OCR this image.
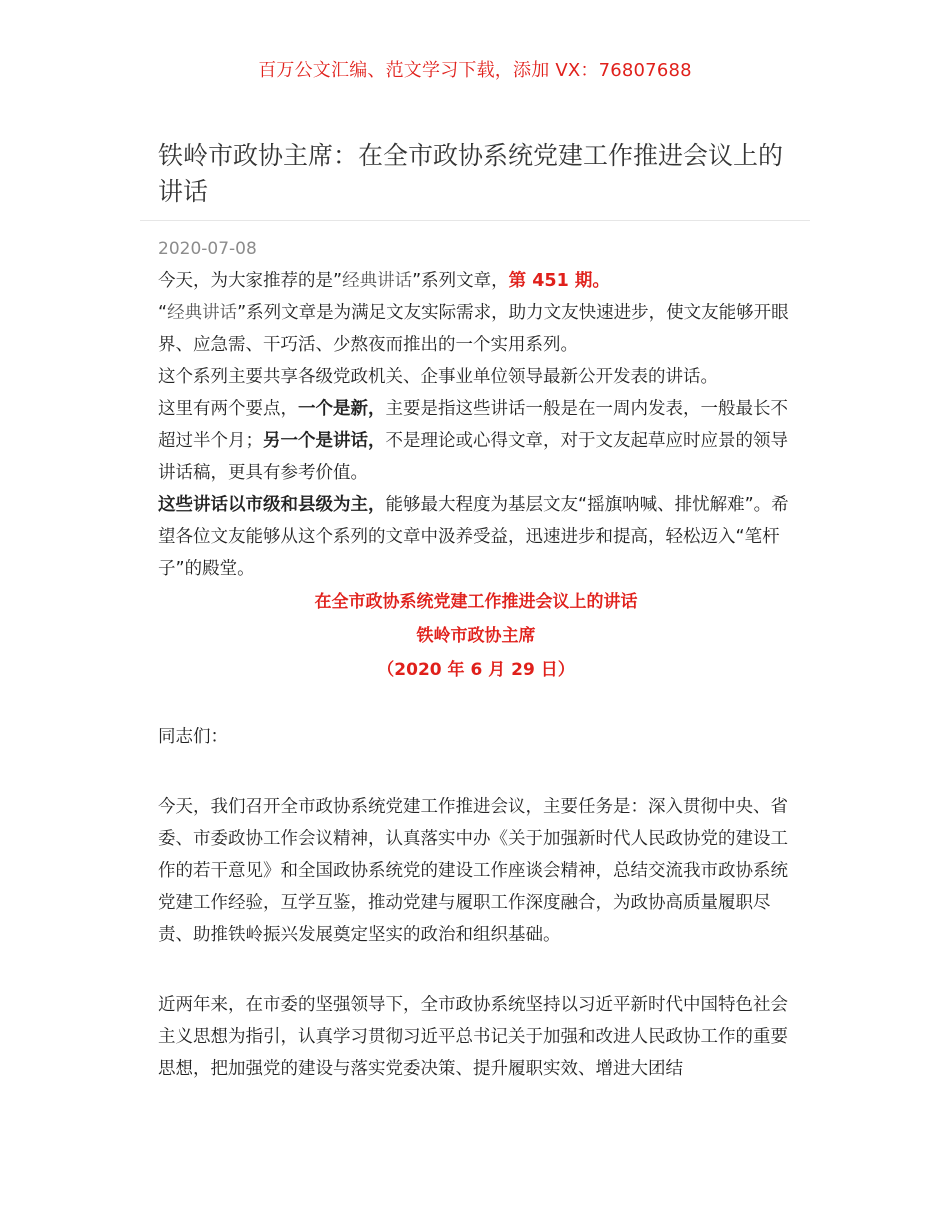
百万公文汇编、范文学习下载，添加 VX：76807688
铁岭市政协主席：在全市政协系统党建工作推进会议上的讲话
2020-07-08

今天，为大家推荐的是”经典讲话”系列文章，第 451 期。

“经典讲话”系列文章是为满足文友实际需求，助力文友快速进步，使文友能够开眼界、应急需、干巧活、少熬夜而推出的一个实用系列。

这个系列主要共享各级党政机关、企事业单位领导最新公开发表的讲话。

这里有两个要点，一个是新，主要是指这些讲话一般是在一周内发表，一般最长不超过半个月；另一个是讲话，不是理论或心得文章，对于文友起草应时应景的领导讲话稿，更具有参考价值。

这些讲话以市级和县级为主，能够最大程度为基层文友“摇旗呐喊、排忧解难”。希望各位文友能够从这个系列的文章中汲养受益，迅速进步和提高，轻松迈入“笔杆子”的殿堂。

在全市政协系统党建工作推进会议上的讲话
铁岭市政协主席
（2020 年 6 月 29 日）

同志们：

今天，我们召开全市政协系统党建工作推进会议，主要任务是：深入贯彻中央、省委、市委政协工作会议精神，认真落实中办《关于加强新时代人民政协党的建设工作的若干意见》和全国政协系统党的建设工作座谈会精神，总结交流我市政协系统党建工作经验，互学互鉴，推动党建与履职工作深度融合，为政协高质量履职尽责、助推铁岭振兴发展奠定坚实的政治和组织基础。

近两年来，在市委的坚强领导下，全市政协系统坚持以习近平新时代中国特色社会主义思想为指引，认真学习贯彻习近平总书记关于加强和改进人民政协工作的重要思想，把加强党的建设与落实党委决策、提升履职实效、增进大团结
